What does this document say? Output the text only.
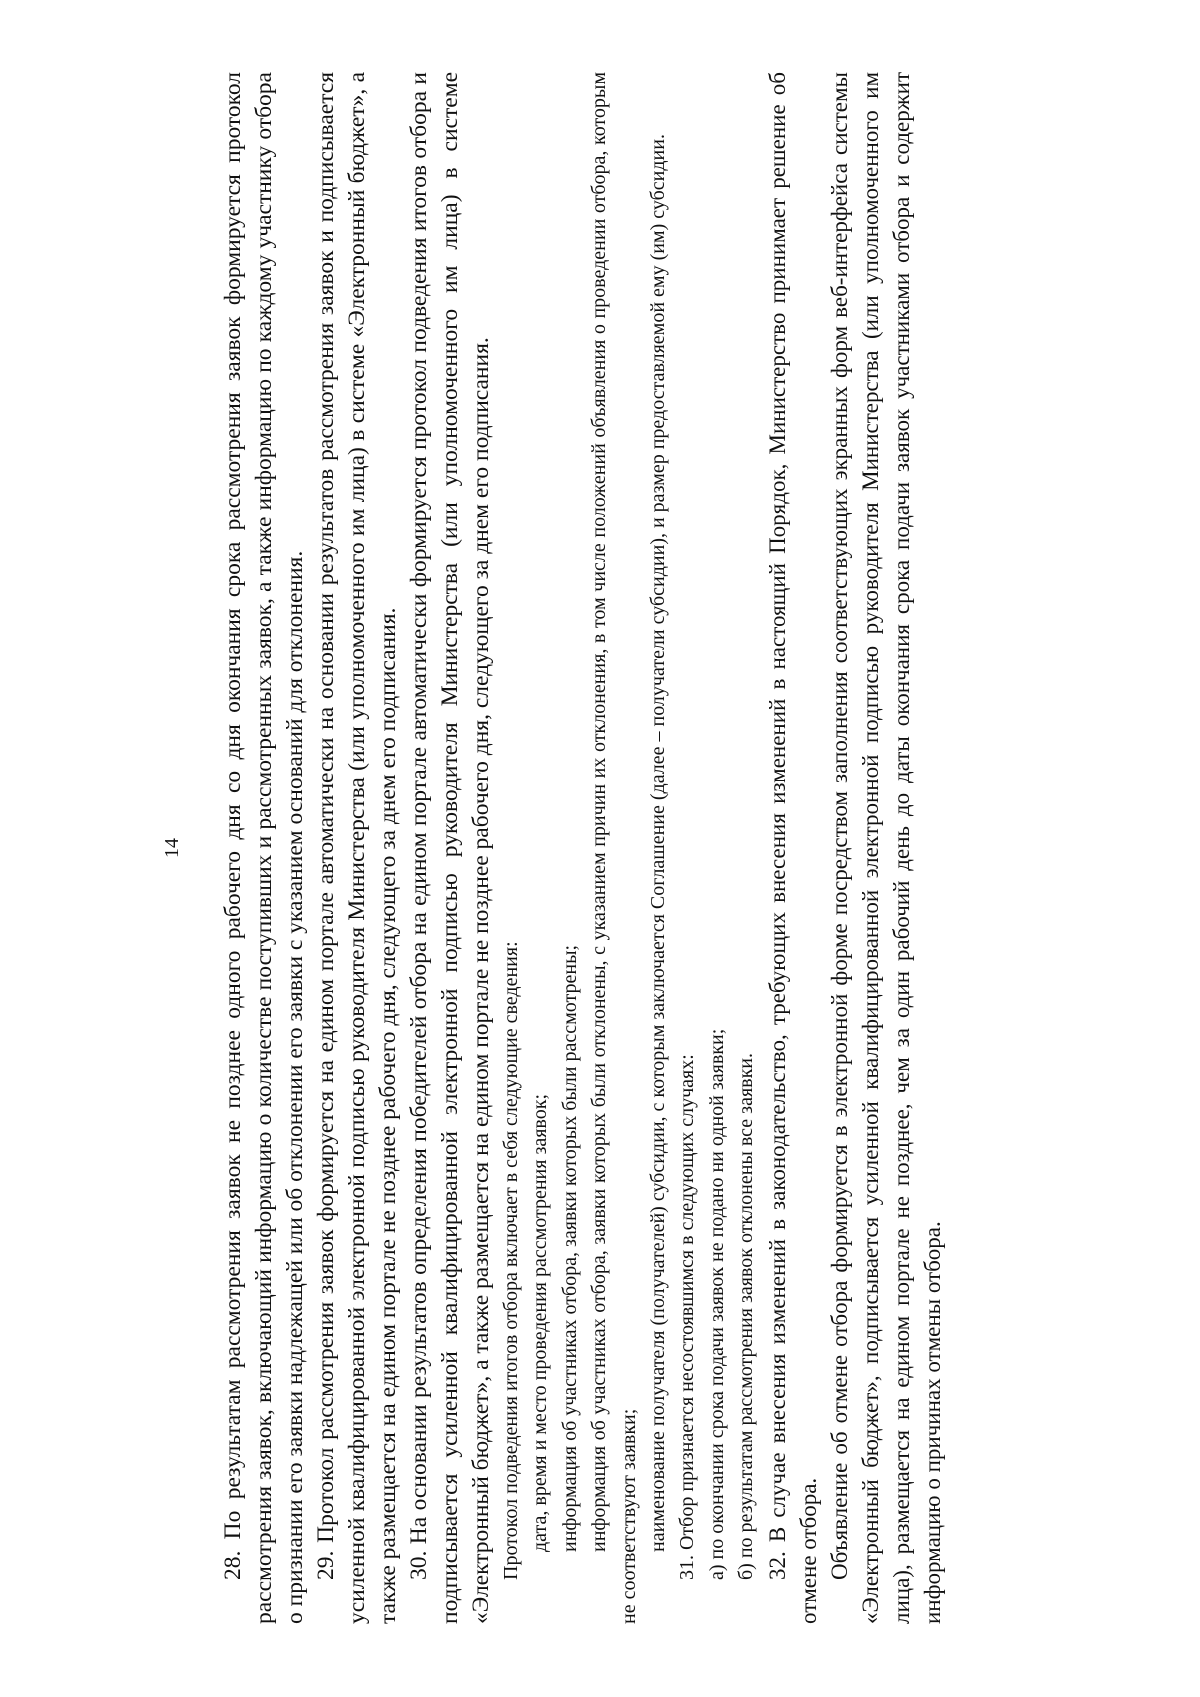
14 28. По результатам рассмотрения заявок не позднее одного рабочего дня со дня окончания срока рассмотрения заявок формируется протокол рассмотрения заявок, включающий информацию о количестве поступивших и рассмотренных заявок, а также информацию по каждому участнику отбора о признании его заявки надлежащей или об отклонении его заявки с указанием оснований для отклонения. 29. Протокол рассмотрения заявок формируется на едином портале автоматически на основании результатов рассмотрения заявок и подписывается усиленной квалифицированной электронной подписью руководителя Министерства (или уполномоченного им лица) в системе «Электронный бюджет», а также размещается на едином портале не позднее рабочего дня, следующего за днем его подписания. 30. На основании результатов определения победителей отбора на едином портале автоматически формируется протокол подведения итогов отбора и подписывается усиленной квалифицированной электронной подписью руководителя Министерства (или уполномоченного им лица) в системе «Электронный бюджет», а также размещается на едином портале не позднее рабочего дня, следующего за днем его подписания. Протокол подведения итогов отбора включает в себя следующие сведения: дата, время и место проведения рассмотрения заявок; информация об участниках отбора, заявки которых были рассмотрены; информация об участниках отбора, заявки которых были отклонены, с указанием причин их отклонения, в том числе положений объявления о проведении отбора, которым не соответствуют заявки; наименование получателя (получателей) субсидии, с которым заключается Соглашение (далее – получатели субсидии), и размер предоставляемой ему (им) субсидии. 31. Отбор признается несостоявшимся в следующих случаях: а) по окончании срока подачи заявок не подано ни одной заявки; б) по результатам рассмотрения заявок отклонены все заявки. 32. В случае внесения изменений в законодательство, требующих внесения изменений в настоящий Порядок, Министерство принимает решение об отмене отбора. Объявление об отмене отбора формируется в электронной форме посредством заполнения соответствующих экранных форм веб-интерфейса системы «Электронный бюджет», подписывается усиленной квалифицированной электронной подписью руководителя Министерства (или уполномоченного им лица), размещается на едином портале не позднее, чем за один рабочий день до даты окончания срока подачи заявок участниками отбора и содержит информацию о причинах отмены отбора.
